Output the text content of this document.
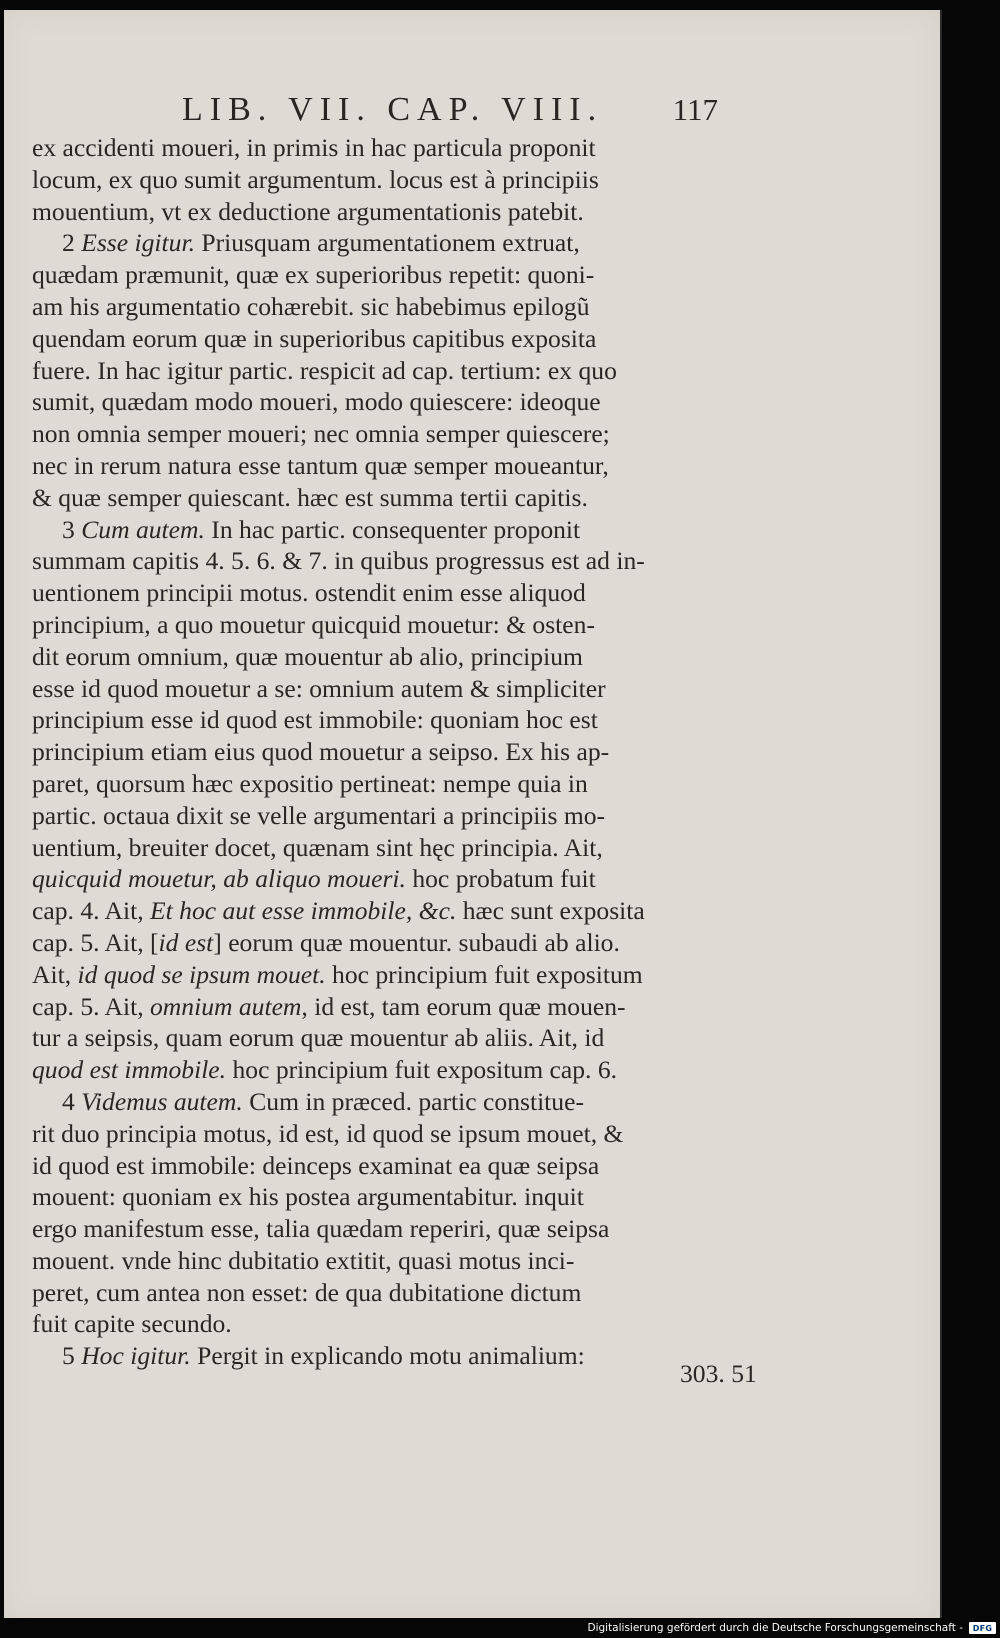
LIB. VII. CAP. VIII. 117
ex accidenti moueri, in primis in hac particula proponit
locum, ex quo sumit argumentum. locus est à principiis
mouentium, vt ex deductione argumentationis patebit.
2 Esse igitur. Priusquam argumentationem extruat,
quædam præmunit, quæ ex superioribus repetit: quoni-
am his argumentatio cohærebit. sic habebimus epilogũ
quendam eorum quæ in superioribus capitibus exposita
fuere. In hac igitur partic. respicit ad cap. tertium: ex quo
sumit, quædam modo moueri, modo quiescere: ideoque
non omnia semper moueri; nec omnia semper quiescere;
nec in rerum natura esse tantum quæ semper moueantur,
& quæ semper quiescant. hæc est summa tertii capitis.
3 Cum autem. In hac partic. consequenter proponit
summam capitis 4. 5. 6. & 7. in quibus progressus est ad in-
uentionem principii motus. ostendit enim esse aliquod
principium, a quo mouetur quicquid mouetur: & osten-
dit eorum omnium, quæ mouentur ab alio, principium
esse id quod mouetur a se: omnium autem & simpliciter
principium esse id quod est immobile: quoniam hoc est
principium etiam eius quod mouetur a seipso. Ex his ap-
paret, quorsum hæc expositio pertineat: nempe quia in
partic. octaua dixit se velle argumentari a principiis mo-
uentium, breuiter docet, quænam sint hęc principia. Ait,
quicquid mouetur, ab aliquo moueri. hoc probatum fuit
cap. 4. Ait, Et hoc aut esse immobile, &c. hæc sunt exposita
cap. 5. Ait, [id est] eorum quæ mouentur. subaudi ab alio.
Ait, id quod se ipsum mouet. hoc principium fuit expositum
cap. 5. Ait, omnium autem, id est, tam eorum quæ mouen-
tur a seipsis, quam eorum quæ mouentur ab aliis. Ait, id
quod est immobile. hoc principium fuit expositum cap. 6.
4 Videmus autem. Cum in præced. partic constitue-
rit duo principia motus, id est, id quod se ipsum mouet, &
id quod est immobile: deinceps examinat ea quæ seipsa
mouent: quoniam ex his postea argumentabitur. inquit
ergo manifestum esse, talia quædam reperiri, quæ seipsa
mouent. vnde hinc dubitatio extitit, quasi motus inci-
peret, cum antea non esset: de qua dubitatione dictum
fuit capite secundo.
5 Hoc igitur. Pergit in explicando motu animalium:
303. 51
Digitalisierung gefördert durch die Deutsche Forschungsgemeinschaft -	DFG
